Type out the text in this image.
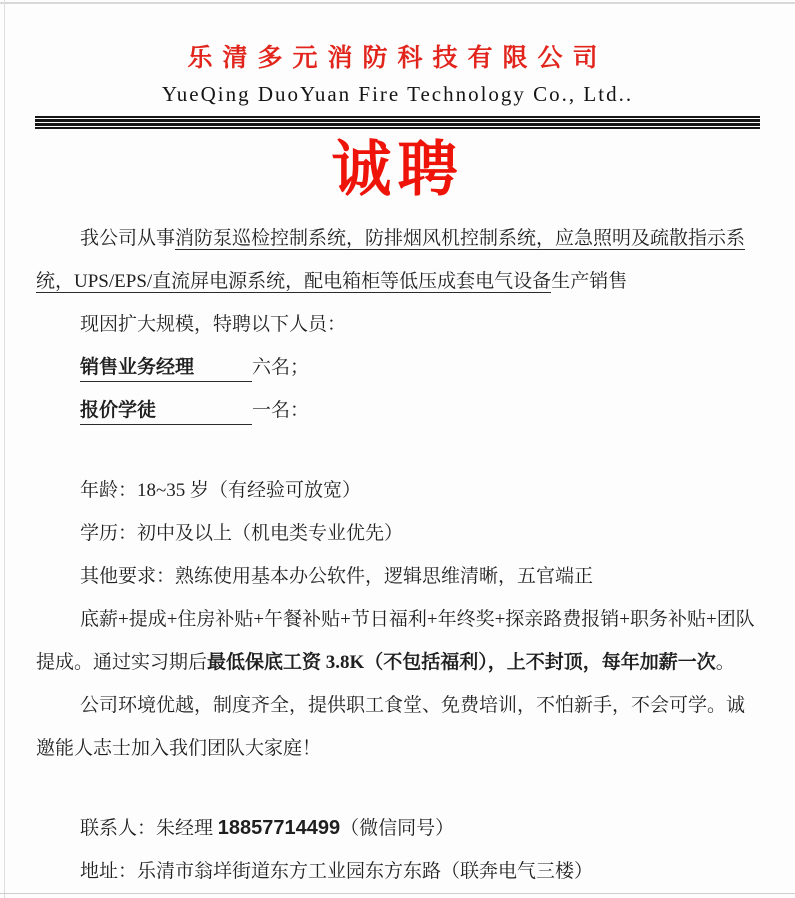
乐清多元消防科技有限公司
YueQing DuoYuan Fire Technology Co., Ltd..
诚聘
我公司从事消防泵巡检控制系统，防排烟风机控制系统，应急照明及疏散指示系
统，UPS/EPS/直流屏电源系统，配电箱柜等低压成套电气设备生产销售
现因扩大规模，特聘以下人员：
销售业务经理	六名；
报价学徒	一名：
年龄：18~35 岁（有经验可放宽）
学历：初中及以上（机电类专业优先）
其他要求：熟练使用基本办公软件，逻辑思维清晰，五官端正
底薪+提成+住房补贴+午餐补贴+节日福利+年终奖+探亲路费报销+职务补贴+团队
提成。通过实习期后最低保底工资 3.8K（不包括福利），上不封顶，每年加薪一次。
公司环境优越，制度齐全，提供职工食堂、免费培训，不怕新手，不会可学。诚
邀能人志士加入我们团队大家庭！
联系人：朱经理 18857714499（微信同号）
地址：乐清市翁垟街道东方工业园东方东路（联奔电气三楼）
